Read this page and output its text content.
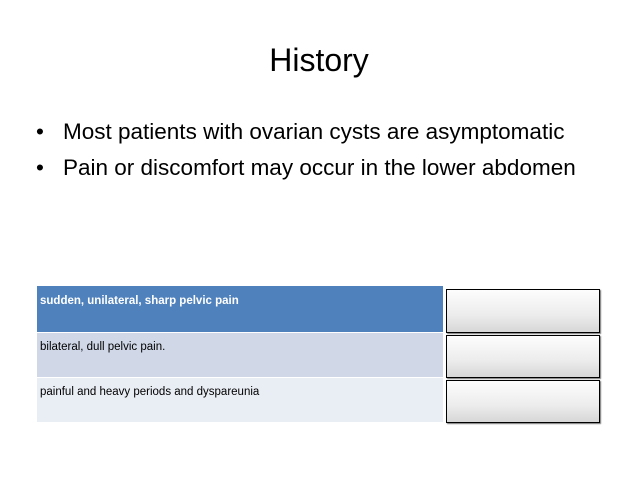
History
• Most patients with ovarian cysts are asymptomatic
• Pain or discomfort may occur in the lower abdomen
sudden, unilateral, sharp pelvic pain
bilateral, dull pelvic pain.
painful and heavy periods and dyspareunia
